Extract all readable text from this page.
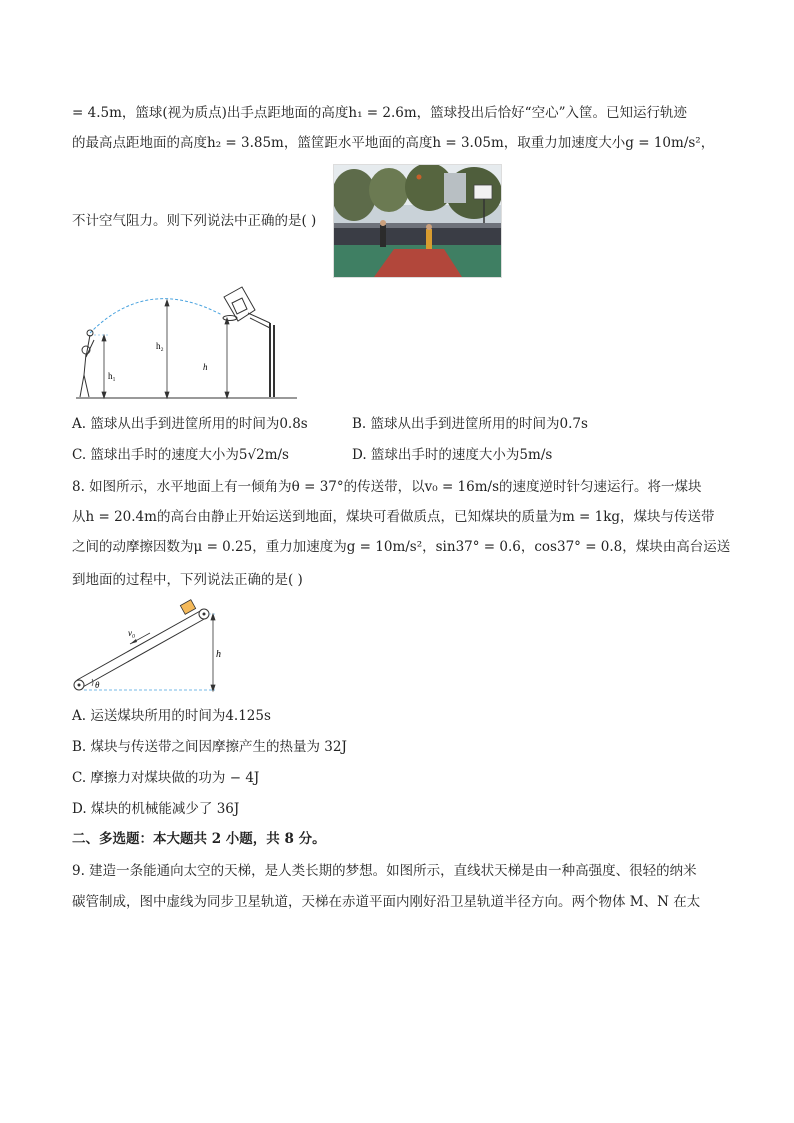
= 4.5m，篮球(视为质点)出手点距地面的高度h₁ = 2.6m，篮球投出后恰好“空心”入筐。已知运行轨迹
的最高点距地面的高度h₂ = 3.85m，篮筐距水平地面的高度h = 3.05m，取重力加速度大小g = 10m/s²，
不计空气阻力。则下列说法中正确的是( )
h₁
h₂
h
A. 篮球从出手到进筐所用的时间为0.8s	B. 篮球从出手到进筐所用的时间为0.7s
C. 篮球出手时的速度大小为5√2m/s	D. 篮球出手时的速度大小为5m/s
8. 如图所示，水平地面上有一倾角为θ = 37°的传送带，以v₀ = 16m/s的速度逆时针匀速运行。将一煤块
从h = 20.4m的高台由静止开始运送到地面，煤块可看做质点，已知煤块的质量为m = 1kg，煤块与传送带
之间的动摩擦因数为μ = 0.25，重力加速度为g = 10m/s²，sin37° = 0.6，cos37° = 0.8，煤块由高台运送
到地面的过程中，下列说法正确的是( )
v₀
h
θ
A. 运送煤块所用的时间为4.125s
B. 煤块与传送带之间因摩擦产生的热量为 32J
C. 摩擦力对煤块做的功为 − 4J
D. 煤块的机械能减少了 36J
二、多选题：本大题共 2 小题，共 8 分。
9. 建造一条能通向太空的天梯，是人类长期的梦想。如图所示，直线状天梯是由一种高强度、很轻的纳米
碳管制成，图中虚线为同步卫星轨道，天梯在赤道平面内刚好沿卫星轨道半径方向。两个物体 M、N 在太
